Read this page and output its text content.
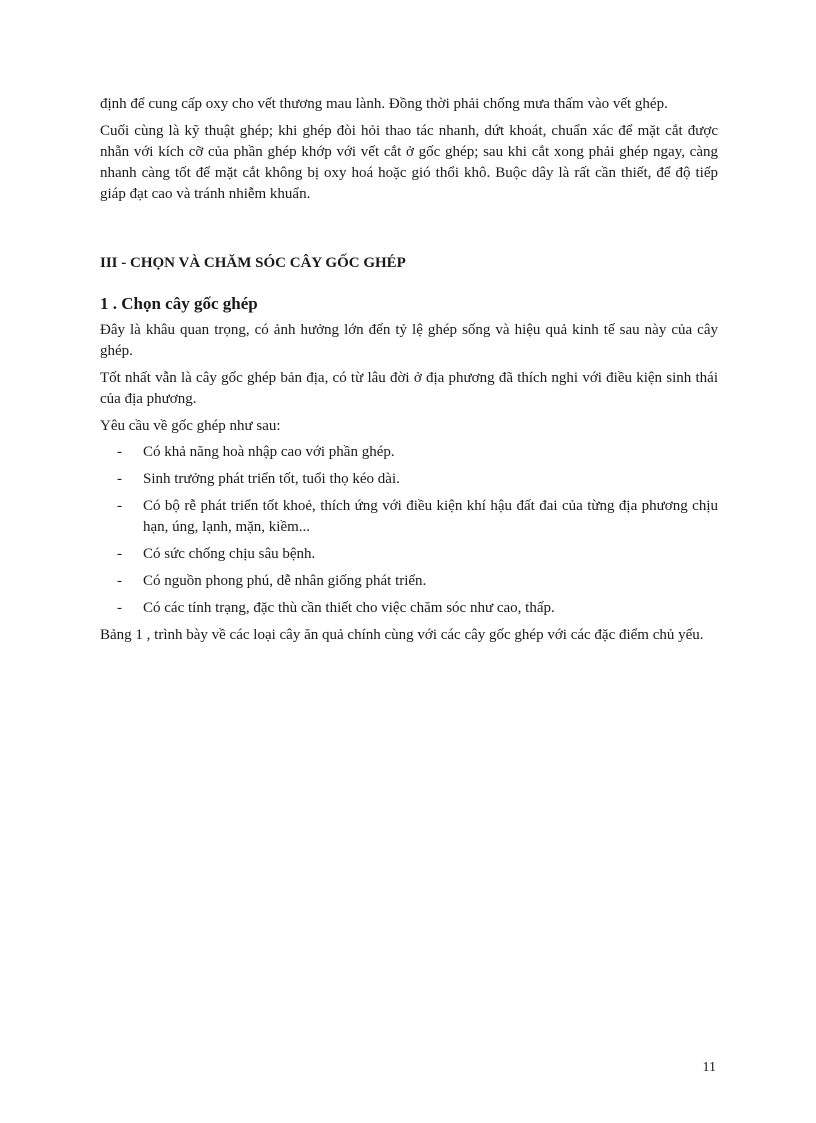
định để cung cấp oxy cho vết thương mau lành. Đồng thời phải chống mưa thấm vào vết ghép.

Cuối cùng là kỹ thuật ghép; khi ghép đòi hỏi thao tác nhanh, dứt khoát, chuẩn xác để mặt cắt được nhẵn với kích cỡ của phần ghép khớp với vết cắt ở gốc ghép; sau khi cắt xong phải ghép ngay, càng nhanh càng tốt để mặt cắt không bị oxy hoá hoặc gió thổi khô. Buộc dây là rất cần thiết, để độ tiếp giáp đạt cao và tránh nhiễm khuẩn.

III - CHỌN VÀ CHĂM SÓC CÂY GỐC GHÉP
1 . Chọn cây gốc ghép

Đây là khâu quan trọng, có ảnh hưởng lớn đến tỷ lệ ghép sống và hiệu quả kinh tế sau này của cây ghép.

Tốt nhất vẫn là cây gốc ghép bản địa, có từ lâu đời ở địa phương đã thích nghi với điều kiện sinh thái của địa phương.

Yêu cầu về gốc ghép như sau:

- Có khả năng hoà nhập cao với phần ghép.
- Sinh trưởng phát triển tốt, tuổi thọ kéo dài.
- Có bộ rễ phát triển tốt khoẻ, thích ứng với điều kiện khí hậu đất đai của từng địa phương chịu hạn, úng, lạnh, mặn, kiềm...
- Có sức chống chịu sâu bệnh.
- Có nguồn phong phú, dễ nhân giống phát triển.
- Có các tính trạng, đặc thù cần thiết cho việc chăm sóc như cao, thấp.

Bảng 1 , trình bày về các loại cây ăn quả chính cùng với các cây gốc ghép với các đặc điểm chủ yếu.

11
